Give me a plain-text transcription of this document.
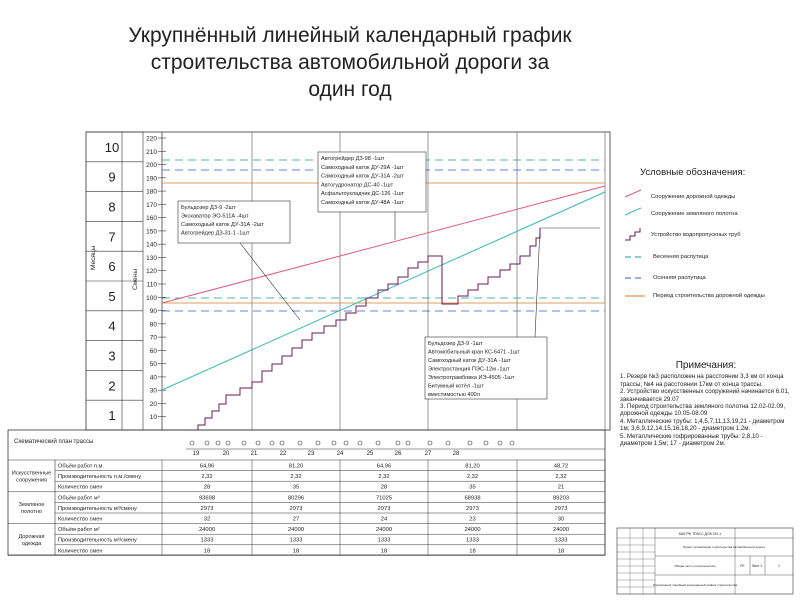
Укрупнённый линейный календарный график
строительства автомобильной дороги за
один год
Месяцы
Смены
1
2
3
4
5
6
7
8
9
10
10
20
30
40
50
60
70
80
90
100
110
120
130
140
150
160
170
180
190
200
210
220
Автогрейдер ДЗ-98 -1шт
Самоходный каток ДУ-29А -1шт
Самоходный каток ДУ-31А -2шт
Автогудронатор ДС-40 -1шт
Асфальтоукладчик ДС-126 -1шт
Самоходный каток ДУ-48А -1шт
Бульдозер ДЗ-9 -2шт
Экскаватор ЭО-511А -4шт
Самоходный каток ДУ-31А -2шт
Автогрейдер ДЗ-31-1 -1шт
Бульдозер ДЗ-9 -1шт
Автомобильный кран КС-6471 -1шт
Самоходный каток ДУ-31А -1шт
Электростанция ПЭС-12м -1шт
Электротрамбовка ИЭ-4505 -1шт
Битумный котёл -1шт
вместимостью 400л
19	20	21	22	23	24	25	26	27	28
Схематический план трассы
Объём работ п.м.	64,96	81,20	64,96	81,20	48,72
Производительность п.м./смену	2,32	2,32	2,32	2,32	2,32
Количество смен	28	35	28	35	21
Искусственные
сооружения
Объём работ м³	93698	80296	71025	68938	89203
Производительность м³/смену	2973	2973	2973	2973	2973
Количество смен	32	27	24	23	30
Земляное
полотно
Объём работ м²	24000	24000	24000	24000	24000
Производительность м²/смену	1333	1333	1333	1333	1333
Количество смен	18	18	18	18	18
Дорожная
одежда
Сооружение дорожной одежды
Сооружение земляного полотна
Устройство водопропускных труб
Весенняя распутица
Осенняя распутица
Период строительства дорожной одежды
КАК РФ ТРАСС ДОК ОН-1
Проект организации строительства автомобильной дороги
Общая часть (строительство)	УП Лист 1	1
Укрупнённый линейный календарный график строительства
Условные обозначения:
Примечания:
1. Резерв №3 расположен на расстоянии 3,3 км от конца трассы; №4 на расстоянии 17км от конца трассы.
2. Устройство искусственных сооружений начинается 6.01, заканчивается 29.07
3. Период строительства земляного полотна 12.02-02.09, дорожной одежды 10.05-08.09
4. Металлические трубы: 1,4,5,7,11,13,19,21 - диаметром 1м; 3,6,9,12,14,15,16,18,20 - диаметром 1,2м.
5. Металлические гофрированные трубы: 2,8,10 - диаметром 1,5м; 17 - диаметром 2м.
